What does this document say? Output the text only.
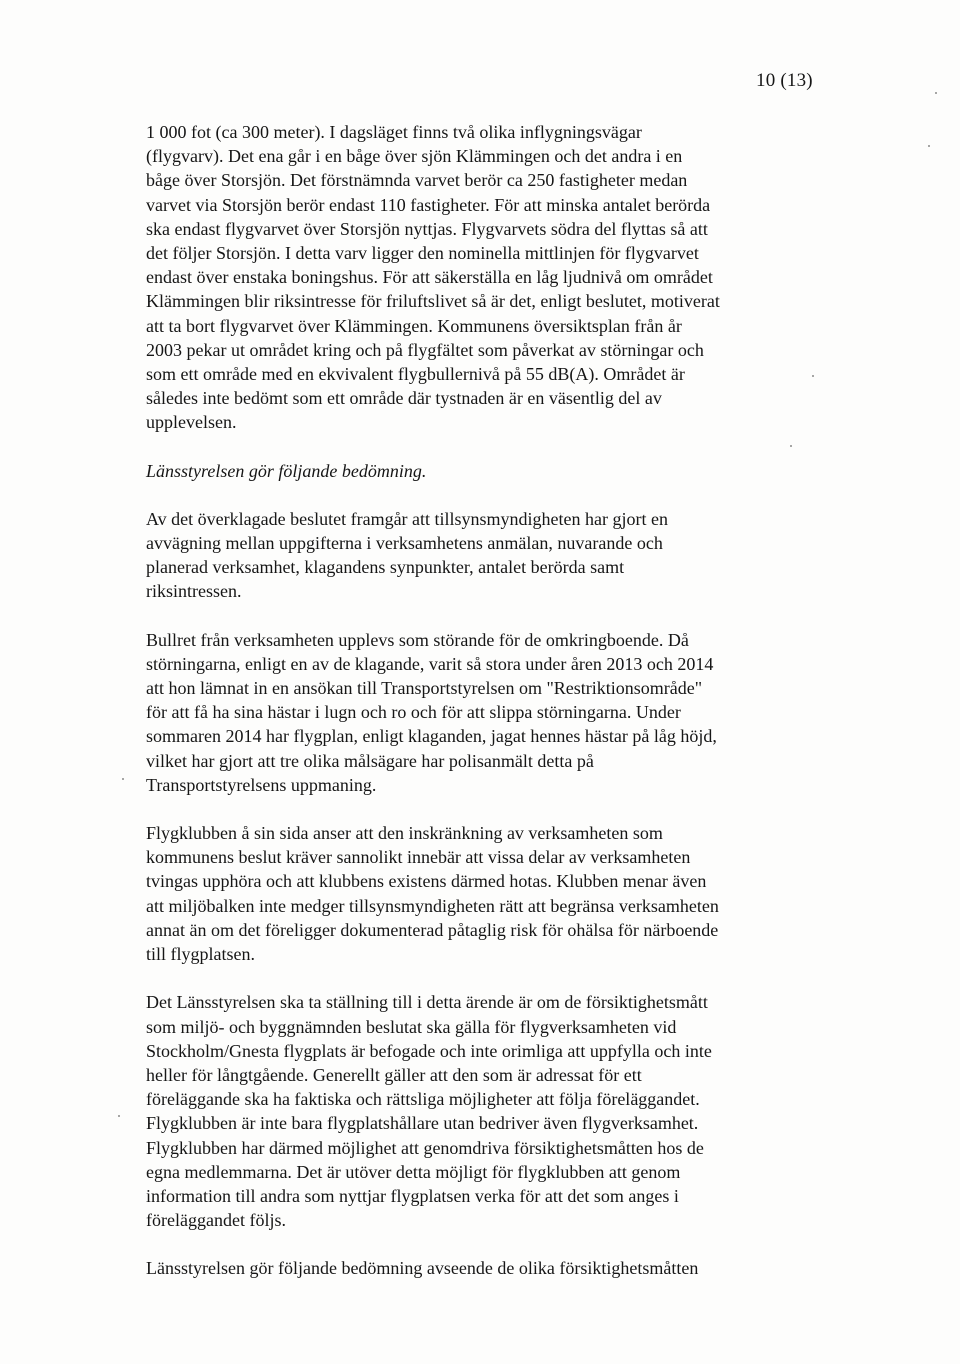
10 (13)
1 000 fot (ca 300 meter). I dagsläget finns två olika inflygningsvägar
(flygvarv). Det ena går i en båge över sjön Klämmingen och det andra i en
båge över Storsjön. Det förstnämnda varvet berör ca 250 fastigheter medan
varvet via Storsjön berör endast 110 fastigheter. För att minska antalet berörda
ska endast flygvarvet över Storsjön nyttjas. Flygvarvets södra del flyttas så att
det följer Storsjön. I detta varv ligger den nominella mittlinjen för flygvarvet
endast över enstaka boningshus. För att säkerställa en låg ljudnivå om området
Klämmingen blir riksintresse för friluftslivet så är det, enligt beslutet, motiverat
att ta bort flygvarvet över Klämmingen. Kommunens översiktsplan från år
2003 pekar ut området kring och på flygfältet som påverkat av störningar och
som ett område med en ekvivalent flygbullernivå på 55 dB(A). Området är
således inte bedömt som ett område där tystnaden är en väsentlig del av
upplevelsen.
Länsstyrelsen gör följande bedömning.
Av det överklagade beslutet framgår att tillsynsmyndigheten har gjort en
avvägning mellan uppgifterna i verksamhetens anmälan, nuvarande och
planerad verksamhet, klagandens synpunkter, antalet berörda samt
riksintressen.
Bullret från verksamheten upplevs som störande för de omkringboende. Då
störningarna, enligt en av de klagande, varit så stora under åren 2013 och 2014
att hon lämnat in en ansökan till Transportstyrelsen om "Restriktionsområde"
för att få ha sina hästar i lugn och ro och för att slippa störningarna. Under
sommaren 2014 har flygplan, enligt klaganden, jagat hennes hästar på låg höjd,
vilket har gjort att tre olika målsägare har polisanmält detta på
Transportstyrelsens uppmaning.
Flygklubben å sin sida anser att den inskränkning av verksamheten som
kommunens beslut kräver sannolikt innebär att vissa delar av verksamheten
tvingas upphöra och att klubbens existens därmed hotas. Klubben menar även
att miljöbalken inte medger tillsynsmyndigheten rätt att begränsa verksamheten
annat än om det föreligger dokumenterad påtaglig risk för ohälsa för närboende
till flygplatsen.
Det Länsstyrelsen ska ta ställning till i detta ärende är om de försiktighetsmått
som miljö- och byggnämnden beslutat ska gälla för flygverksamheten vid
Stockholm/Gnesta flygplats är befogade och inte orimliga att uppfylla och inte
heller för långtgående. Generellt gäller att den som är adressat för ett
föreläggande ska ha faktiska och rättsliga möjligheter att följa föreläggandet.
Flygklubben är inte bara flygplatshållare utan bedriver även flygverksamhet.
Flygklubben har därmed möjlighet att genomdriva försiktighetsmåtten hos de
egna medlemmarna. Det är utöver detta möjligt för flygklubben att genom
information till andra som nyttjar flygplatsen verka för att det som anges i
föreläggandet följs.
Länsstyrelsen gör följande bedömning avseende de olika försiktighetsmåtten
